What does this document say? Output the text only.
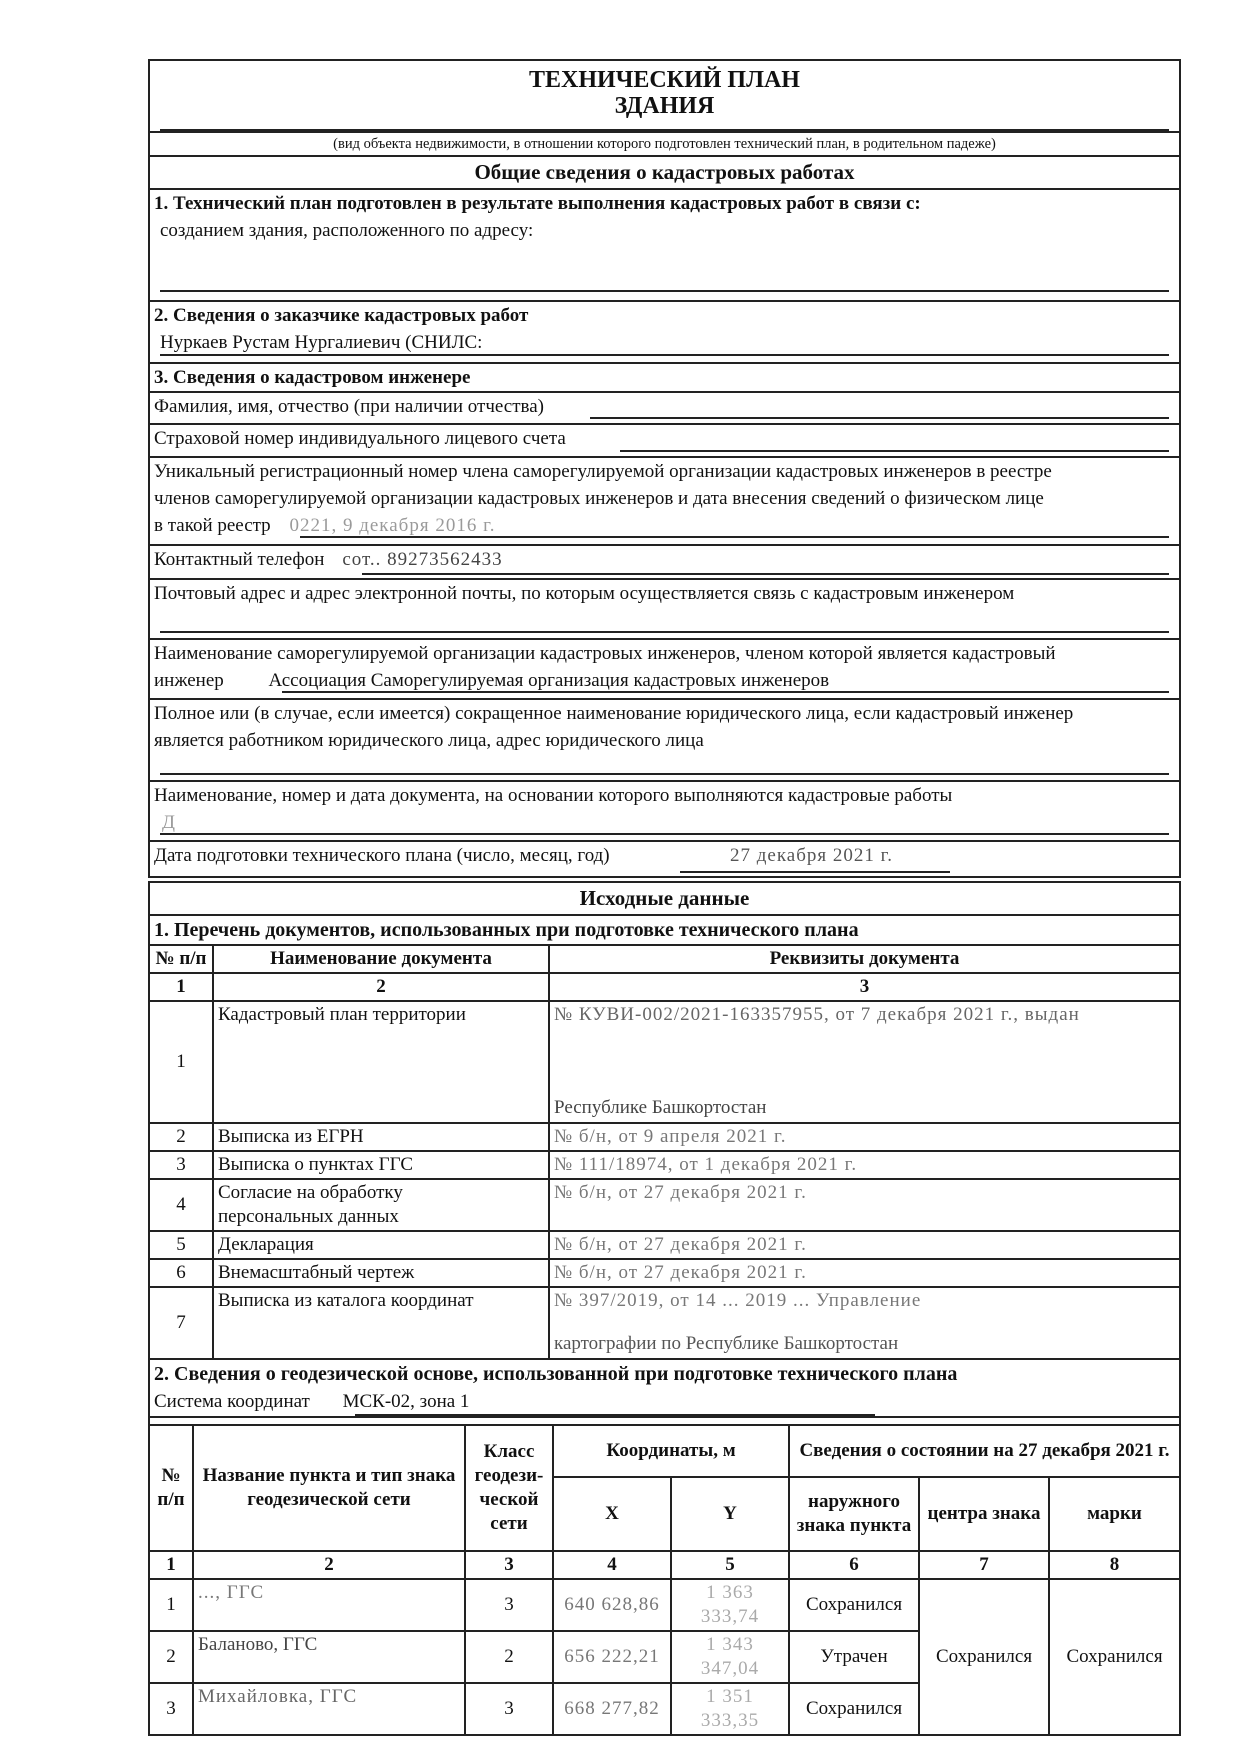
ТЕХНИЧЕСКИЙ ПЛАН
ЗДАНИЯ
(вид объекта недвижимости, в отношении которого подготовлен технический план, в родительном падеже)
Общие сведения о кадастровых работах
1. Технический план подготовлен в результате выполнения кадастровых работ в связи с:
созданием здания, расположенного по адресу:
2. Сведения о заказчике кадастровых работ
Нуркаев Рустам Нургалиевич (СНИЛС:
3. Сведения о кадастровом инженере
Фамилия, имя, отчество (при наличии отчества)
Страховой номер индивидуального лицевого счета
Уникальный регистрационный номер члена саморегулируемой организации кадастровых инженеров в реестре
членов саморегулируемой организации кадастровых инженеров и дата внесения сведений о физическом лице
в такой реестр 0221, 9 декабря 2016 г.
Контактный телефон сот.. 89273562433
Почтовый адрес и адрес электронной почты, по которым осуществляется связь с кадастровым инженером
Наименование саморегулируемой организации кадастровых инженеров, членом которой является кадастровый
инженер Ассоциация Саморегулируемая организация кадастровых инженеров
Полное или (в случае, если имеется) сокращенное наименование юридического лица, если кадастровый инженер
является работником юридического лица, адрес юридического лица
Наименование, номер и дата документа, на основании которого выполняются кадастровые работы
Д
Дата подготовки технического плана (число, месяц, год)	27 декабря 2021 г.
Исходные данные
1. Перечень документов, использованных при подготовке технического плана
№ п/п	Наименование документа	Реквизиты документа
1	2	3
1	Кадастровый план территории	№ КУВИ-002/2021-163357955, от 7 декабря 2021 г., выдан
Республике Башкортостан

2	Выписка из ЕГРН	№ б/н, от 9 апреля 2021 г.
3	Выписка о пунктах ГГС	№ 111/18974, от 1 декабря 2021 г.
4	Согласие на обработку
персональных данных	№ б/н, от 27 декабря 2021 г.
5	Декларация	№ б/н, от 27 декабря 2021 г.
6	Внемасштабный чертеж	№ б/н, от 27 декабря 2021 г.
7	Выписка из каталога координат	№ 397/2019, от 14 ... 2019 ... Управление
картографии по Республике Башкортостан
2. Сведения о геодезической основе, использованной при подготовке технического плана
Система координат МСК-02, зона 1
№ п/п	Название пункта и тип знака геодезической сети	Класс геодези-ческой сети	Координаты, м		Сведения о состоянии на 27 декабря 2021 г.		
			X	Y	наружного знака пункта	центра знака	марки
1	2	3	4	5	6	7	8
1	..., ГГС	3	640 628,86	1 363 333,74	Сохранился	Сохранился	Сохранился
2	Баланово, ГГС	2	656 222,21	1 343 347,04	Утрачен		
3	Михайловка, ГГС	3	668 277,82	1 351 333,35	Сохранился		
